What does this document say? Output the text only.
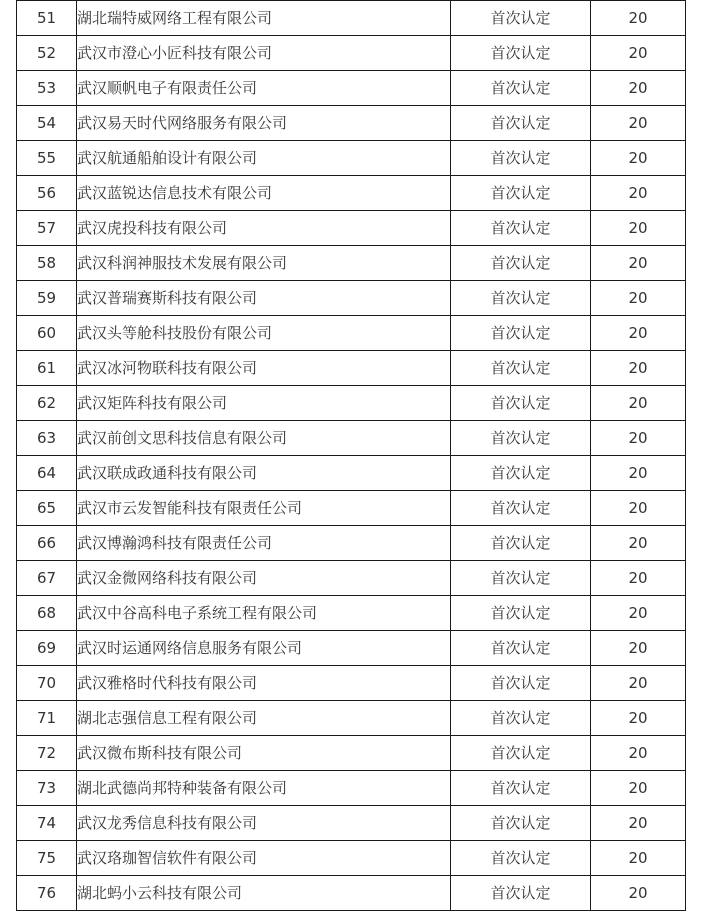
51	湖北瑞特威网络工程有限公司	首次认定	20
52	武汉市澄心小匠科技有限公司	首次认定	20
53	武汉顺帆电子有限责任公司	首次认定	20
54	武汉易天时代网络服务有限公司	首次认定	20
55	武汉航通船舶设计有限公司	首次认定	20
56	武汉蓝锐达信息技术有限公司	首次认定	20
57	武汉虎投科技有限公司	首次认定	20
58	武汉科润神服技术发展有限公司	首次认定	20
59	武汉普瑞赛斯科技有限公司	首次认定	20
60	武汉头等舱科技股份有限公司	首次认定	20
61	武汉冰河物联科技有限公司	首次认定	20
62	武汉矩阵科技有限公司	首次认定	20
63	武汉前创文思科技信息有限公司	首次认定	20
64	武汉联成政通科技有限公司	首次认定	20
65	武汉市云发智能科技有限责任公司	首次认定	20
66	武汉博瀚鸿科技有限责任公司	首次认定	20
67	武汉金微网络科技有限公司	首次认定	20
68	武汉中谷高科电子系统工程有限公司	首次认定	20
69	武汉时运通网络信息服务有限公司	首次认定	20
70	武汉雅格时代科技有限公司	首次认定	20
71	湖北志强信息工程有限公司	首次认定	20
72	武汉微布斯科技有限公司	首次认定	20
73	湖北武德尚邦特种装备有限公司	首次认定	20
74	武汉龙秀信息科技有限公司	首次认定	20
75	武汉珞珈智信软件有限公司	首次认定	20
76	湖北蚂小云科技有限公司	首次认定	20
